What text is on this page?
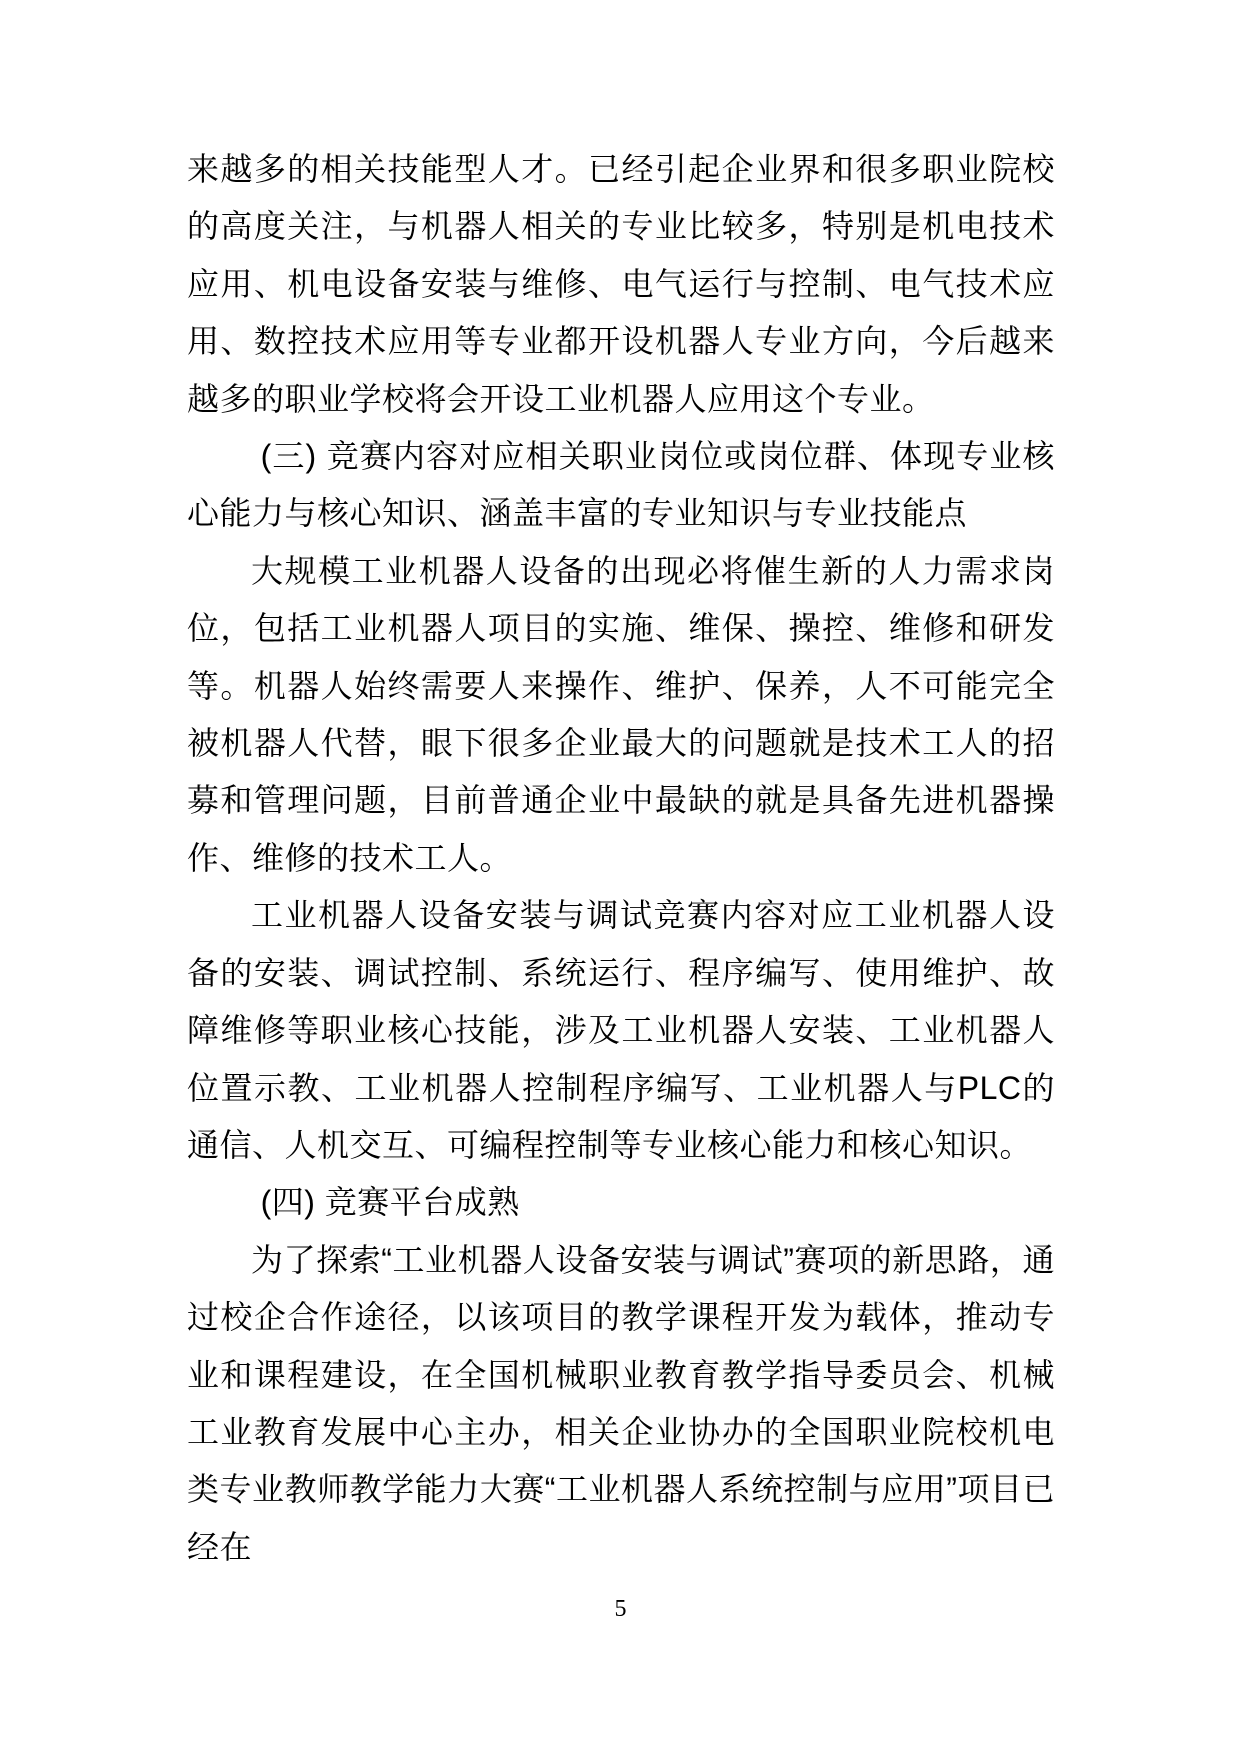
来越多的相关技能型人才。已经引起企业界和很多职业院校的高度关注，与机器人相关的专业比较多，特别是机电技术应用、机电设备安装与维修、电气运行与控制、电气技术应用、数控技术应用等专业都开设机器人专业方向，今后越来越多的职业学校将会开设工业机器人应用这个专业。

(三) 竞赛内容对应相关职业岗位或岗位群、体现专业核心能力与核心知识、涵盖丰富的专业知识与专业技能点

大规模工业机器人设备的出现必将催生新的人力需求岗位，包括工业机器人项目的实施、维保、操控、维修和研发等。机器人始终需要人来操作、维护、保养，人不可能完全被机器人代替，眼下很多企业最大的问题就是技术工人的招募和管理问题，目前普通企业中最缺的就是具备先进机器操作、维修的技术工人。

工业机器人设备安装与调试竞赛内容对应工业机器人设备的安装、调试控制、系统运行、程序编写、使用维护、故障维修等职业核心技能，涉及工业机器人安装、工业机器人位置示教、工业机器人控制程序编写、工业机器人与PLC的通信、人机交互、可编程控制等专业核心能力和核心知识。

(四) 竞赛平台成熟

为了探索“工业机器人设备安装与调试”赛项的新思路，通过校企合作途径，以该项目的教学课程开发为载体，推动专业和课程建设，在全国机械职业教育教学指导委员会、机械工业教育发展中心主办，相关企业协办的全国职业院校机电类专业教师教学能力大赛“工业机器人系统控制与应用”项目已经在

5
